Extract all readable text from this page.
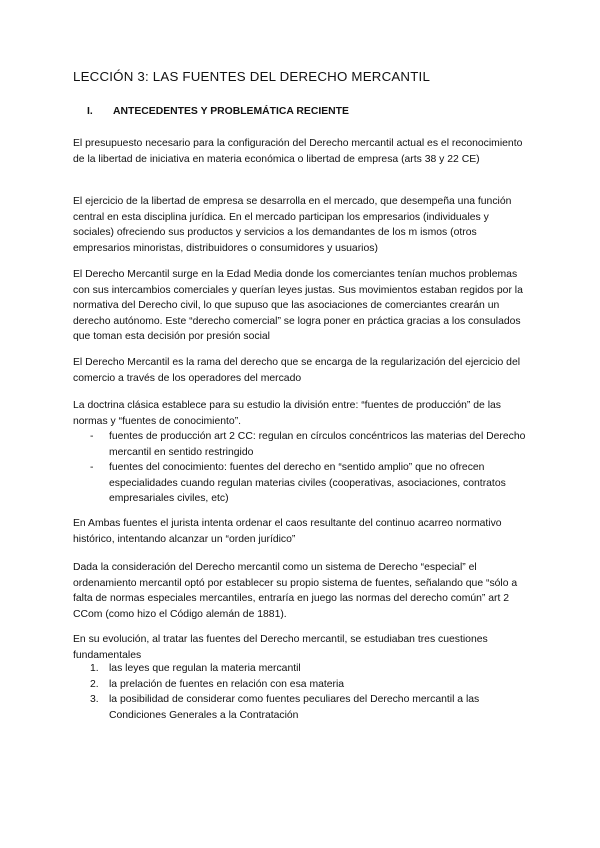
LECCIÓN 3: LAS FUENTES DEL DERECHO MERCANTIL
I. ANTECEDENTES Y PROBLEMÁTICA RECIENTE

El presupuesto necesario para la configuración del Derecho mercantil actual es el reconocimiento de la libertad de iniciativa en materia económica o libertad de empresa (arts 38 y 22 CE)

El ejercicio de la libertad de empresa se desarrolla en el mercado, que desempeña una función central en esta disciplina jurídica. En el mercado participan los empresarios (individuales y sociales) ofreciendo sus productos y servicios a los demandantes de los m ismos (otros empresarios minoristas, distribuidores o consumidores y usuarios)

El Derecho Mercantil surge en la Edad Media donde los comerciantes tenían muchos problemas con sus intercambios comerciales y querían leyes justas. Sus movimientos estaban regidos por la normativa del Derecho civil, lo que supuso que las asociaciones de comerciantes crearán un derecho autónomo. Este “derecho comercial” se logra poner en práctica gracias a los consulados que toman esta decisión por presión social

El Derecho Mercantil es la rama del derecho que se encarga de la regularización del ejercicio del comercio a través de los operadores del mercado

La doctrina clásica establece para su estudio la división entre: “fuentes de producción” de las normas y “fuentes de conocimiento”.

- fuentes de producción art 2 CC: regulan en círculos concéntricos las materias del Derecho mercantil en sentido restringido
- fuentes del conocimiento: fuentes del derecho en “sentido amplio” que no ofrecen especialidades cuando regulan materias civiles (cooperativas, asociaciones, contratos empresariales civiles, etc)

En Ambas fuentes el jurista intenta ordenar el caos resultante del continuo acarreo normativo histórico, intentando alcanzar un “orden jurídico”

Dada la consideración del Derecho mercantil como un sistema de Derecho “especial” el ordenamiento mercantil optó por establecer su propio sistema de fuentes, señalando que “sólo a falta de normas especiales mercantiles, entraría en juego las normas del derecho común” art 2 CCom (como hizo el Código alemán de 1881).

En su evolución, al tratar las fuentes del Derecho mercantil, se estudiaban tres cuestiones fundamentales

1. las leyes que regulan la materia mercantil
2. la prelación de fuentes en relación con esa materia
3. la posibilidad de considerar como fuentes peculiares del Derecho mercantil a las Condiciones Generales a la Contratación
